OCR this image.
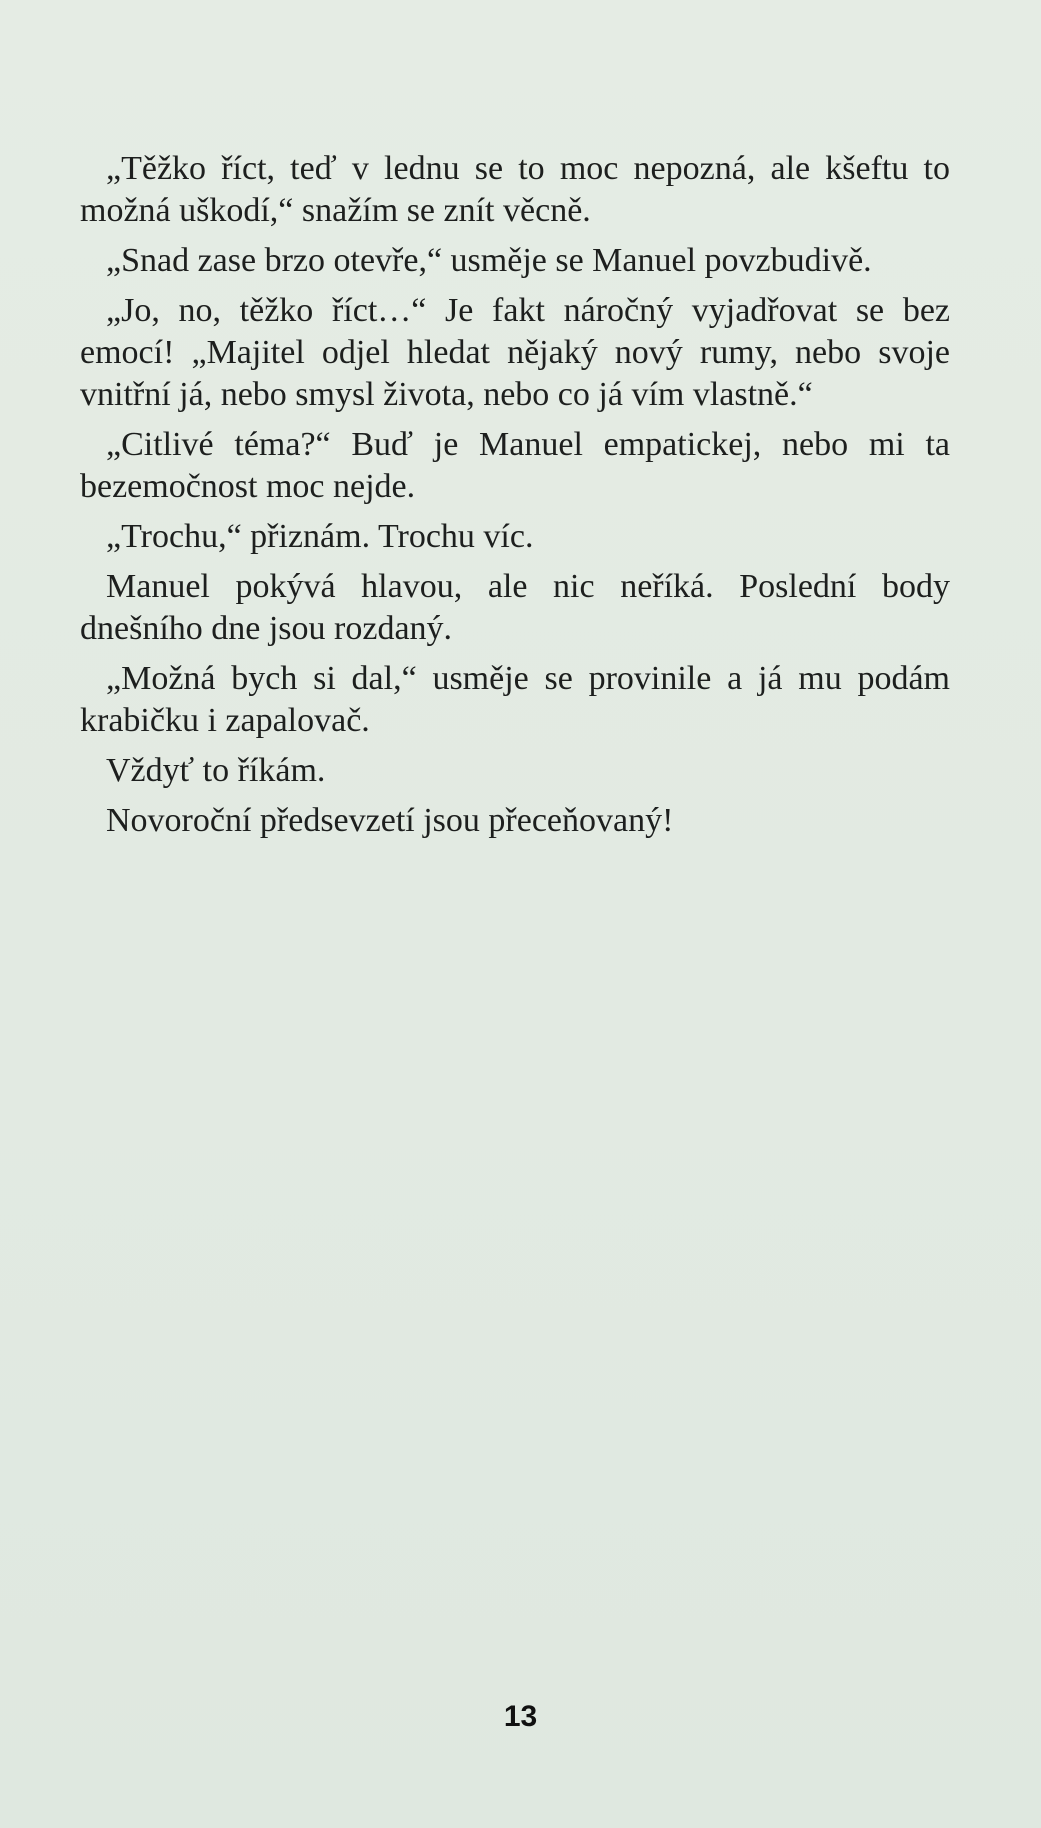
„Těžko říct, teď v lednu se to moc nepozná, ale kšeftu to možná uškodí,“ snažím se znít věcně.

„Snad zase brzo otevře,“ usměje se Manuel povzbudivě.

„Jo, no, těžko říct…“ Je fakt náročný vyjadřovat se bez emocí! „Majitel odjel hledat nějaký nový rumy, nebo svoje vnitřní já, nebo smysl života, nebo co já vím vlastně.“

„Citlivé téma?“ Buď je Manuel empatickej, nebo mi ta bezemočnost moc nejde.

„Trochu,“ přiznám. Trochu víc.

Manuel pokývá hlavou, ale nic neříká. Poslední body dnešního dne jsou rozdaný.

„Možná bych si dal,“ usměje se provinile a já mu podám krabičku i zapalovač.

Vždyť to říkám.

Novoroční předsevzetí jsou přeceňovaný!

13
